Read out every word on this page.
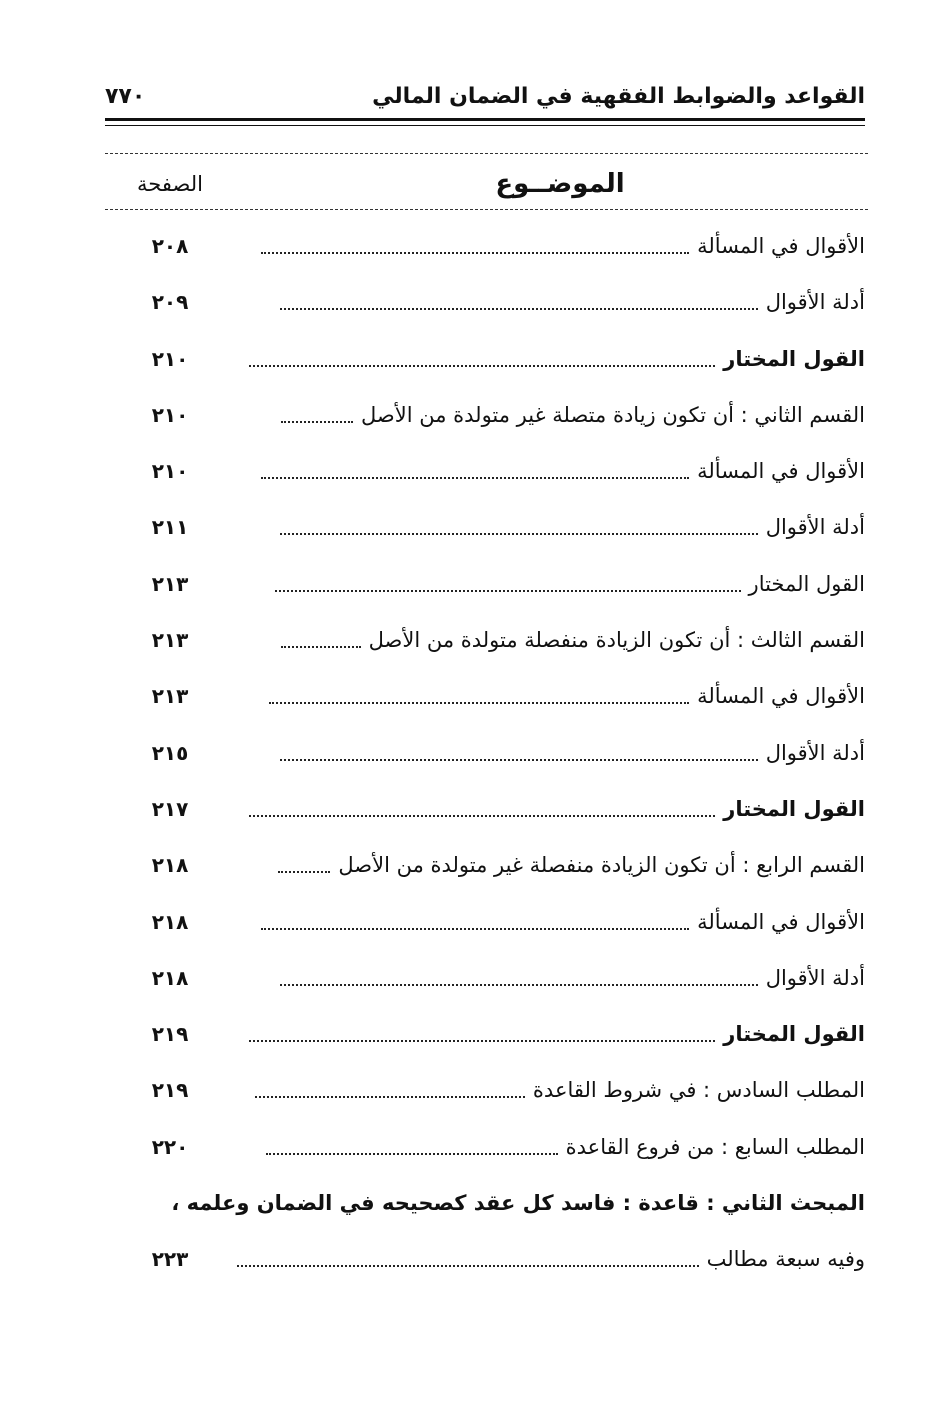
القواعد والضوابط الفقهية في الضمان المالي
٧٧٠
الموضــوع
الصفحة
الأقوال في المسألة
٢٠٨
أدلة الأقوال
٢٠٩
القول المختار
٢١٠
القسم الثاني : أن تكون زيادة متصلة غير متولدة من الأصل
٢١٠
الأقوال في المسألة
٢١٠
أدلة الأقوال
٢١١
القول المختار
٢١٣
القسم الثالث : أن تكون الزيادة منفصلة متولدة من الأصل
٢١٣
الأقوال في المسألة
٢١٣
أدلة الأقوال
٢١٥
القول المختار
٢١٧
القسم الرابع : أن تكون الزيادة منفصلة غير متولدة من الأصل
٢١٨
الأقوال في المسألة
٢١٨
أدلة الأقوال
٢١٨
القول المختار
٢١٩
المطلب السادس : في شروط القاعدة
٢١٩
المطلب السابع : من فروع القاعدة
٢٢٠
المبحث الثاني : قاعدة : فاسد كل عقد كصحيحه في الضمان وعلمه ،
وفيه سبعة مطالب
٢٢٣
